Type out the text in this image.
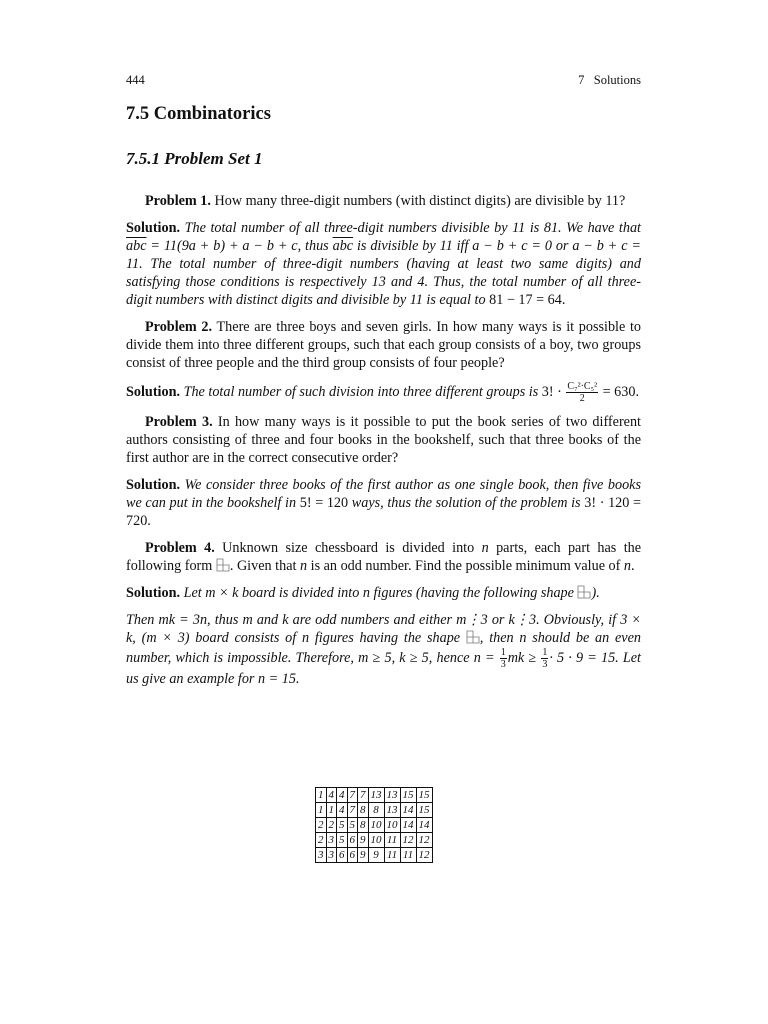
444	7   Solutions
7.5 Combinatorics
7.5.1 Problem Set 1

Problem 1. How many three-digit numbers (with distinct digits) are divisible by 11?

Solution. The total number of all three-digit numbers divisible by 11 is 81. We have that $\overline{abc} = 11(9a + b) + a - b + c$, thus $\overline{abc}$ is divisible by 11 iff a − b + c = 0 or a − b + c = 11. The total number of three-digit numbers (having at least two same digits) and satisfying those conditions is respectively 13 and 4. Thus, the total number of all three-digit numbers with distinct digits and divisible by 11 is equal to 81 − 17 = 64.

Problem 2. There are three boys and seven girls. In how many ways is it possible to divide them into three different groups, such that each group consists of a boy, two groups consist of three people and the third group consists of four people?

Solution. The total number of such division into three different groups is 3! · $\frac{\text{C₇²·C₅²}}{2} = 630$.

Problem 3. In how many ways is it possible to put the book series of two different authors consisting of three and four books in the bookshelf, such that three books of the first author are in the correct consecutive order?

Solution. We consider three books of the first author as one single book, then five books we can put in the bookshelf in 5! = 120 ways, thus the solution of the problem is 3! · 120 = 720.

Problem 4. Unknown size chessboard is divided into n parts, each part has the following form . Given that n is an odd number. Find the possible minimum value of n.

Solution. Let m × k board is divided into n figures (having the following shape ).

Then mk = 3n, thus m and k are odd numbers and either m⋮3 or k⋮3. Obviously, if 3 × k, (m × 3) board consists of n figures having the shape , then n should be an even number, which is impossible. Therefore, m ≥ 5, k ≥ 5, hence $n = \frac{1}{3}$ mk ≥ $\frac{1}{3} \cdot 5 \cdot 9 = 15$. Let us give an example for n = 15.

1	4	4	7	7	13	13	15	15
1	1	4	7	8	8	13	14	15
2	2	5	5	8	10	10	14	14
2	3	5	6	9	10	11	12	12
3	3	6	6	9	9	11	11	12
